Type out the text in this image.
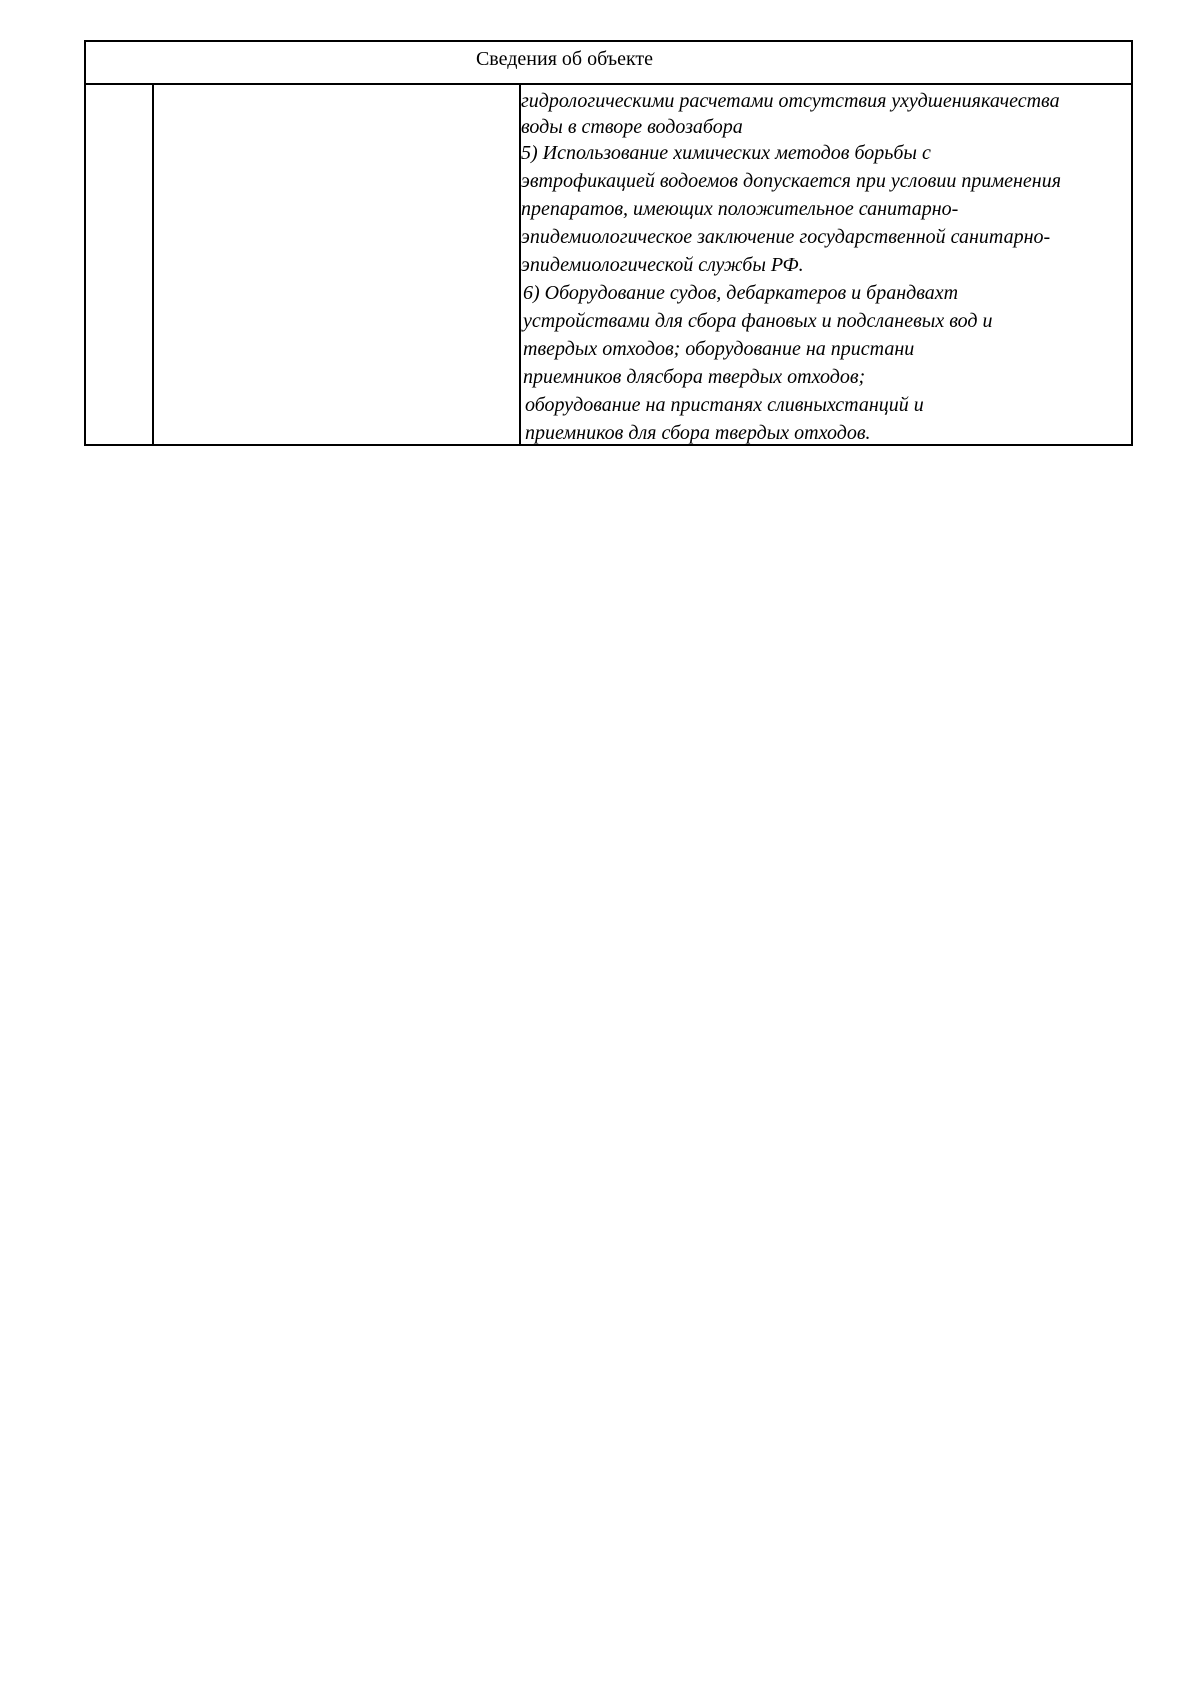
Сведения об объекте
гидрологическими расчетами отсутствия ухудшениякачества
воды в створе водозабора
5) Использование химических методов борьбы с
эвтрофикацией водоемов допускается при условии применения
препаратов, имеющих положительное санитарно-
эпидемиологическое заключение государственной санитарно-
эпидемиологической службы РФ.
6) Оборудование судов, дебаркатеров и брандвахт
устройствами для сбора фановых и подсланевых вод и
твердых отходов; оборудование на пристани
приемников длясбора твердых отходов;
оборудование на пристанях сливныхстанций и
приемников для сбора твердых отходов.
